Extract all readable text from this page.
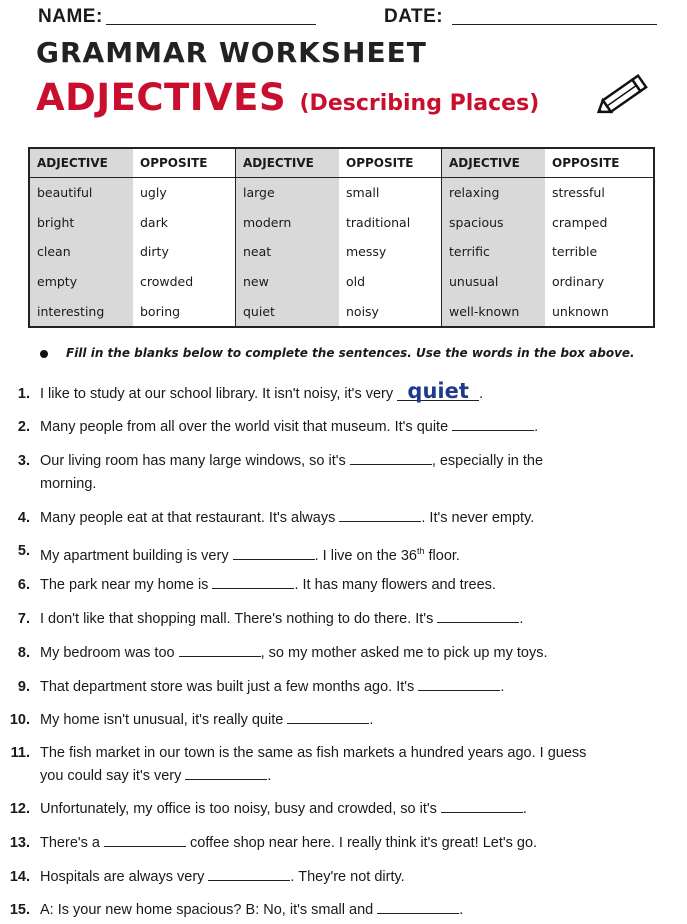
NAME:	DATE:
GRAMMAR WORKSHEET
ADJECTIVES (Describing Places)
ADJECTIVE	OPPOSITE	ADJECTIVE	OPPOSITE	ADJECTIVE	OPPOSITE
beautiful	ugly	large	small	relaxing	stressful
bright	dark	modern	traditional	spacious	cramped
clean	dirty	neat	messy	terrific	terrible
empty	crowded	new	old	unusual	ordinary
interesting	boring	quiet	noisy	well-known	unknown
Fill in the blanks below to complete the sentences. Use the words in the box above.
1. I like to study at our school library. It isn't noisy, it's very quiet .
2. Many people from all over the world visit that museum. It's quite	.
3. Our living room has many large windows, so it's	, especially in the
morning.
4. Many people eat at that restaurant. It's always	. It's never empty.
5. My apartment building is very	. I live on the 36th floor.
6. The park near my home is	. It has many flowers and trees.
7. I don't like that shopping mall. There's nothing to do there. It's	.
8. My bedroom was too	, so my mother asked me to pick up my toys.
9. That department store was built just a few months ago. It's	.
10. My home isn't unusual, it's really quite	.
11. The fish market in our town is the same as fish markets a hundred years ago. I guess
you could say it's very	.
12. Unfortunately, my office is too noisy, busy and crowded, so it's	.
13. There's a	coffee shop near here. I really think it's great! Let's go.
14. Hospitals are always very	. They're not dirty.
15. A: Is your new home spacious? B: No, it's small and	.
